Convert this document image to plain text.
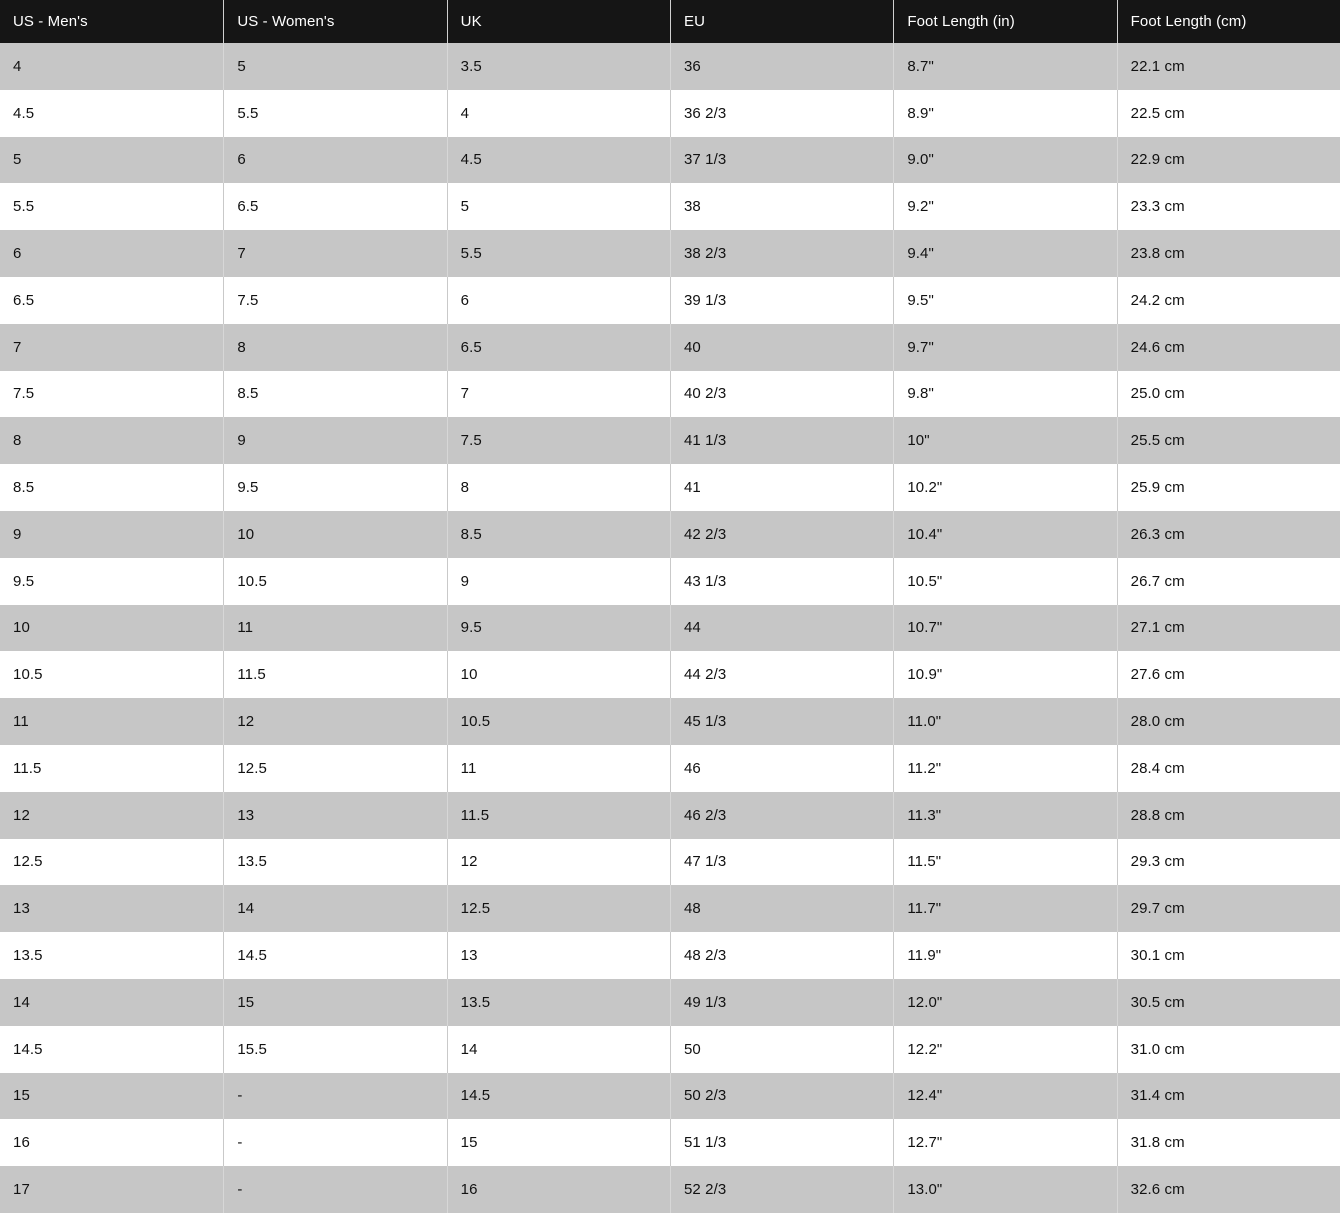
US - Men's	US - Women's	UK	EU	Foot Length (in)	Foot Length (cm)
4	5	3.5	36	8.7"	22.1 cm
4.5	5.5	4	36 2/3	8.9"	22.5 cm
5	6	4.5	37 1/3	9.0"	22.9 cm
5.5	6.5	5	38	9.2"	23.3 cm
6	7	5.5	38 2/3	9.4"	23.8 cm
6.5	7.5	6	39 1/3	9.5"	24.2 cm
7	8	6.5	40	9.7"	24.6 cm
7.5	8.5	7	40 2/3	9.8"	25.0 cm
8	9	7.5	41 1/3	10"	25.5 cm
8.5	9.5	8	41	10.2"	25.9 cm
9	10	8.5	42 2/3	10.4"	26.3 cm
9.5	10.5	9	43 1/3	10.5"	26.7 cm
10	11	9.5	44	10.7"	27.1 cm
10.5	11.5	10	44 2/3	10.9"	27.6 cm
11	12	10.5	45 1/3	11.0"	28.0 cm
11.5	12.5	11	46	11.2"	28.4 cm
12	13	11.5	46 2/3	11.3"	28.8 cm
12.5	13.5	12	47 1/3	11.5"	29.3 cm
13	14	12.5	48	11.7"	29.7 cm
13.5	14.5	13	48 2/3	11.9"	30.1 cm
14	15	13.5	49 1/3	12.0"	30.5 cm
14.5	15.5	14	50	12.2"	31.0 cm
15	-	14.5	50 2/3	12.4"	31.4 cm
16	-	15	51 1/3	12.7"	31.8 cm
17	-	16	52 2/3	13.0"	32.6 cm
